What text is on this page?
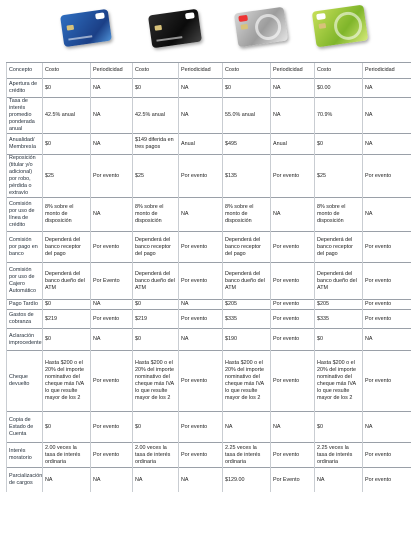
Concepto	Costo	Periodicidad	Costo	Periodicidad	Costo	Periodicidad	Costo	Periodicidad
Apertura de crédito	$0	NA	$0	NA	$0	NA	$0.00	NA
Tasa de interés promedio ponderada anual	42.5% anual	NA	42.5% anual	NA	55.0% anual	NA	70.9%	NA
Anualidad/ Membresía	$0	NA	$149 diferida en tres pagos	Anual	$495	Anual	$0	NA
Reposición (titular y/o adicional) por robo, pérdida o extravío	$25	Por evento	$25	Por evento	$135	Por evento	$25	Por evento
Comisión por uso de línea de crédito	8% sobre el monto de disposición	NA	8% sobre el monto de disposición	NA	8% sobre el monto de disposición	NA	8% sobre el monto de disposición	NA
Comisión por pago en banco	Dependerá del banco receptor del pago	Por evento	Dependerá del banco receptor del pago	Por evento	Dependerá del banco receptor del pago	Por evento	Dependerá del banco receptor del pago	Por evento
Comisión por uso de Cajero Automático	Dependerá del banco dueño del ATM	Por Evento	Dependerá del banco dueño del ATM	Por evento	Dependerá del banco dueño del ATM	Por evento	Dependerá del banco dueño del ATM	Por evento
Pago Tardío	$0	NA	$0	NA	$205	Por evento	$205	Por evento
Gastos de cobranza	$219	Por evento	$219	Por evento	$335	Por evento	$335	Por evento
Aclaración improcedente	$0	NA	$0	NA	$190	Por evento	$0	NA
Cheque devuelto	Hasta $200 o el 20% del importe nominativo del cheque más IVA lo que resulte mayor de los 2	Por evento	Hasta $200 o el 20% del importe nominativo del cheque más IVA lo que resulte mayor de los 2	Por evento	Hasta $200 o el 20% del importe nominativo del cheque más IVA lo que resulte mayor de los 2	Por evento	Hasta $200 o el 20% del importe nominativo del cheque más IVA lo que resulte mayor de los 2	Por evento
Copia de Estado de Cuenta	$0	Por evento	$0	Por evento	NA	NA	$0	NA
Interés moratorio	2.00 veces la tasa de interés ordinaria	Por evento	2.00 veces la tasa de interés ordinaria	Por evento	2.25 veces la tasa de interés ordinaria	Por evento	2.25 veces la tasa de interés ordinaria	Por evento
Parcialización de cargos	NA	NA	NA	NA	$129.00	Por Evento	NA	Por evento
